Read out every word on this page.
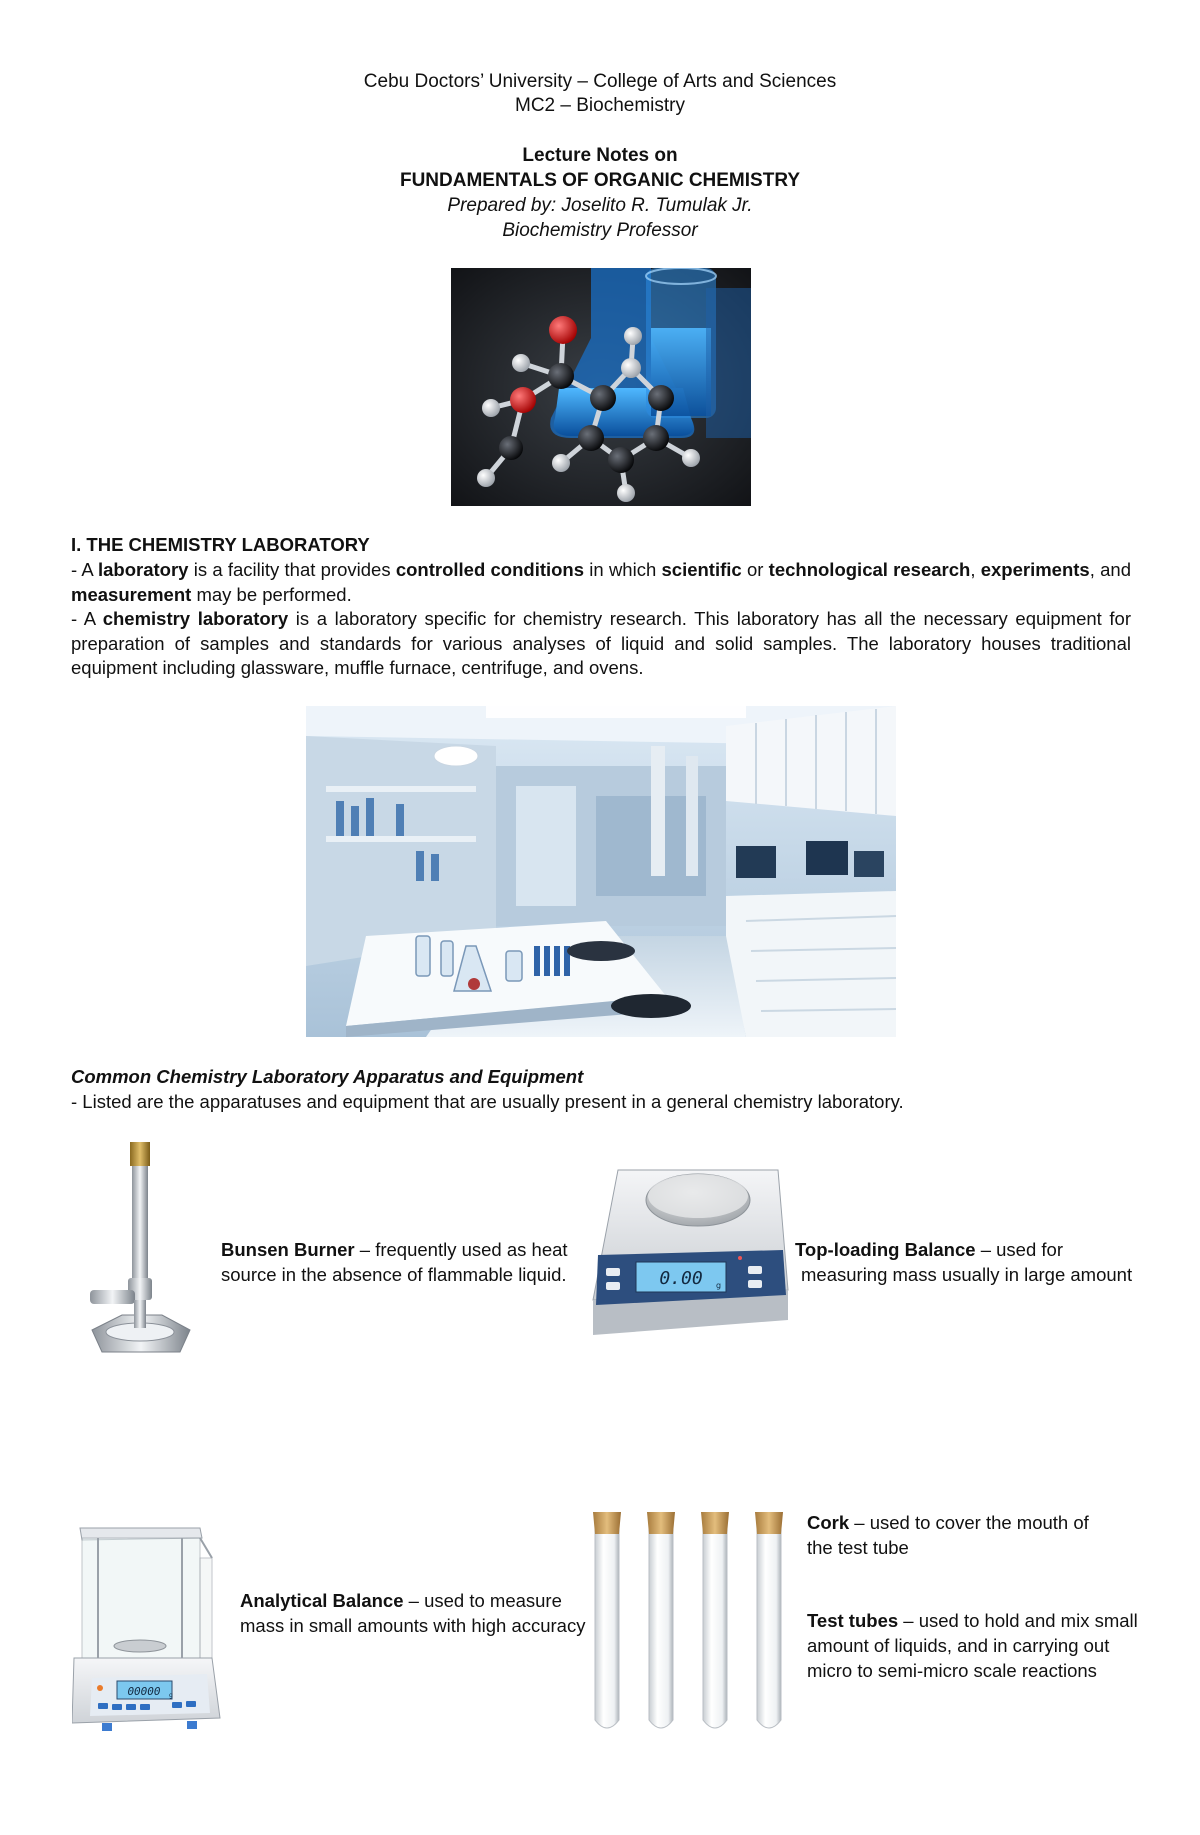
Cebu Doctors’ University – College of Arts and Sciences
MC2 – Biochemistry
Lecture Notes on
FUNDAMENTALS OF ORGANIC CHEMISTRY
Prepared by: Joselito R. Tumulak Jr.
Biochemistry Professor
I. THE CHEMISTRY LABORATORY
- A laboratory is a facility that provides controlled conditions in which scientific or technological research, experiments, and measurement may be performed.
- A chemistry laboratory is a laboratory specific for chemistry research. This laboratory has all the necessary equipment for preparation of samples and standards for various analyses of liquid and solid samples. The laboratory houses traditional equipment including glassware, muffle furnace, centrifuge, and ovens.
Common Chemistry Laboratory Apparatus and Equipment
- Listed are the apparatuses and equipment that are usually present in a general chemistry laboratory.
Bunsen Burner – frequently used as heat
source in the absence of flammable liquid.	0.00 g
Top-loading Balance – used for
measuring mass usually in large amount
00000 g
Analytical Balance – used to measure
mass in small amounts with high accuracy
Cork – used to cover the mouth of
the test tube
Test tubes – used to hold and mix small
amount of liquids, and in carrying out
micro to semi-micro scale reactions
